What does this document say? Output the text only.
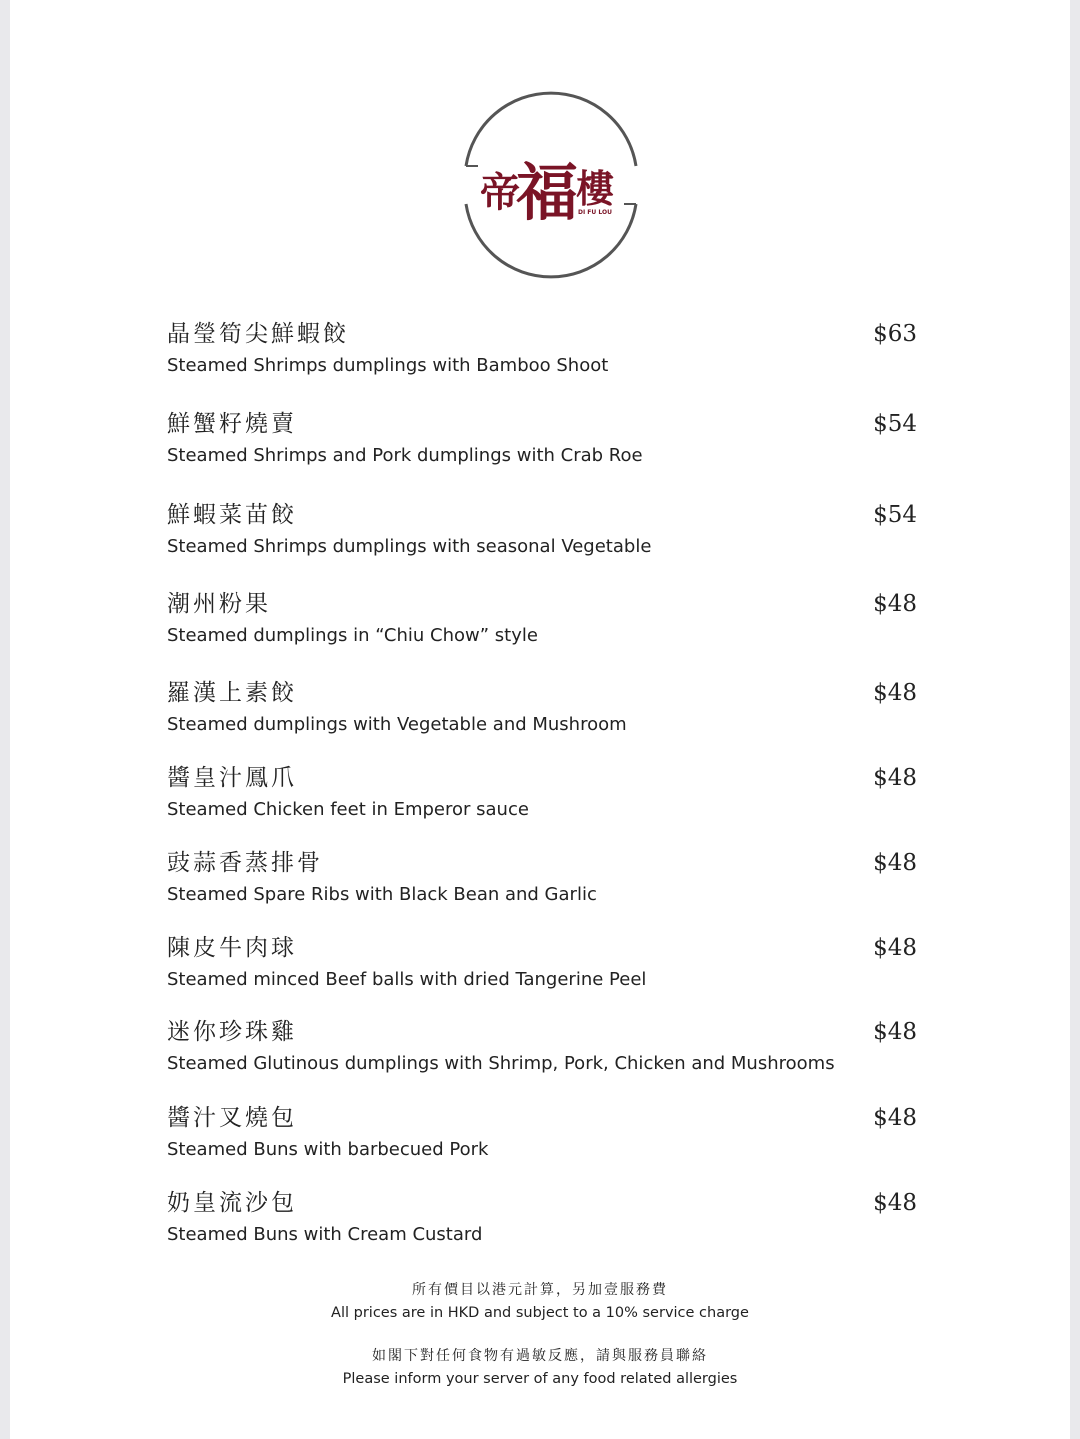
帝
福
樓
DI FU LOU
晶瑩筍尖鮮蝦餃
Steamed Shrimps dumplings with Bamboo Shoot
$63
鮮蟹籽燒賣
Steamed Shrimps and Pork dumplings with Crab Roe
$54
鮮蝦菜苗餃
Steamed Shrimps dumplings with seasonal Vegetable
$54
潮州粉果
Steamed dumplings in “Chiu Chow” style
$48
羅漢上素餃
Steamed dumplings with Vegetable and Mushroom
$48
醬皇汁鳳爪
Steamed Chicken feet in Emperor sauce
$48
豉蒜香蒸排骨
Steamed Spare Ribs with Black Bean and Garlic
$48
陳皮牛肉球
Steamed minced Beef balls with dried Tangerine Peel
$48
迷你珍珠雞
Steamed Glutinous dumplings with Shrimp, Pork, Chicken and Mushrooms
$48
醬汁叉燒包
Steamed Buns with barbecued Pork
$48
奶皇流沙包
Steamed Buns with Cream Custard
$48
所有價目以港元計算，另加壹服務費
All prices are in HKD and subject to a 10% service charge
如閣下對任何食物有過敏反應，請與服務員聯絡
Please inform your server of any food related allergies
